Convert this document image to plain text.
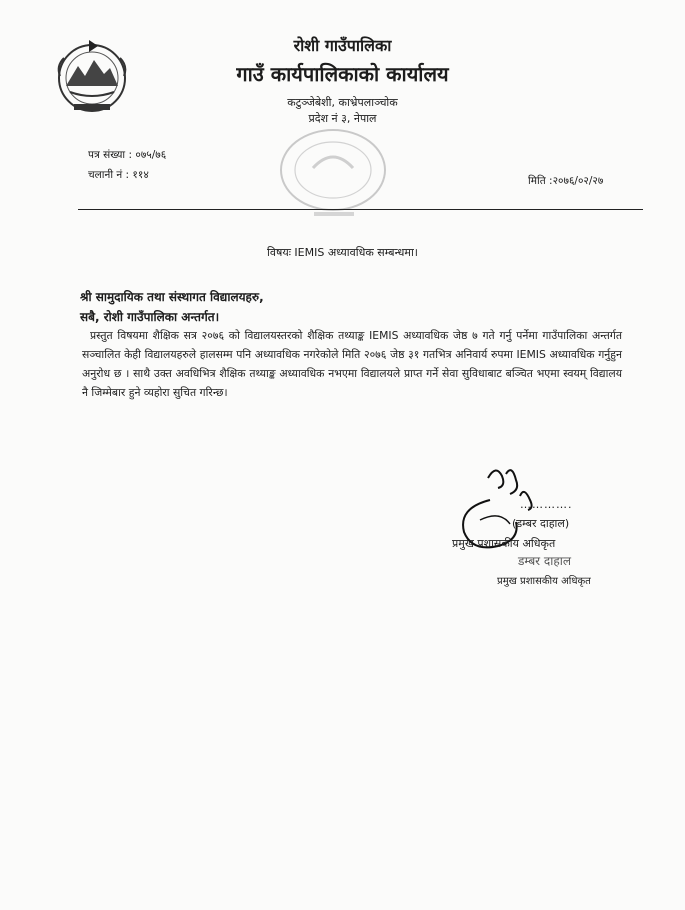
रोशी गाउँपालिका
गाउँ कार्यपालिकाको कार्यालय
कटुञ्जेबेशी, काभ्रेपलाञ्चोक
प्रदेश नं ३, नेपाल
पत्र संख्या : ०७५/७६
चलानी नं : ११४	मिति :२०७६/०२/२७
विषयः IEMIS अध्यावधिक सम्बन्धमा।
श्री सामुदायिक तथा संस्थागत विद्यालयहरु,
सबै, रोशी गाउँपालिका अन्तर्गत।
प्रस्तुत विषयमा शैक्षिक सत्र २०७६ को विद्यालयस्तरको शैक्षिक तथ्याङ्क IEMIS अध्यावधिक जेष्ठ ७ गते गर्नु पर्नेमा गाउँपालिका अन्तर्गत सञ्चालित केही विद्यालयहरुले हालसम्म पनि अध्यावधिक नगरेकोले मिति २०७६ जेष्ठ ३१ गतभित्र अनिवार्य रुपमा IEMIS अध्यावधिक गर्नुहुन अनुरोध छ । साथै उक्त अवधिभित्र शैक्षिक तथ्याङ्क अध्यावधिक नभएमा विद्यालयले प्राप्त गर्ने सेवा सुविधाबाट बञ्चित भएमा स्वयम् विद्यालय नै जिम्मेबार हुने व्यहोरा सुचित गरिन्छ।
………….
(डम्बर दाहाल)
प्रमुख प्रशासकीय अधिकृत
डम्बर दाहाल
प्रमुख प्रशासकीय अधिकृत
